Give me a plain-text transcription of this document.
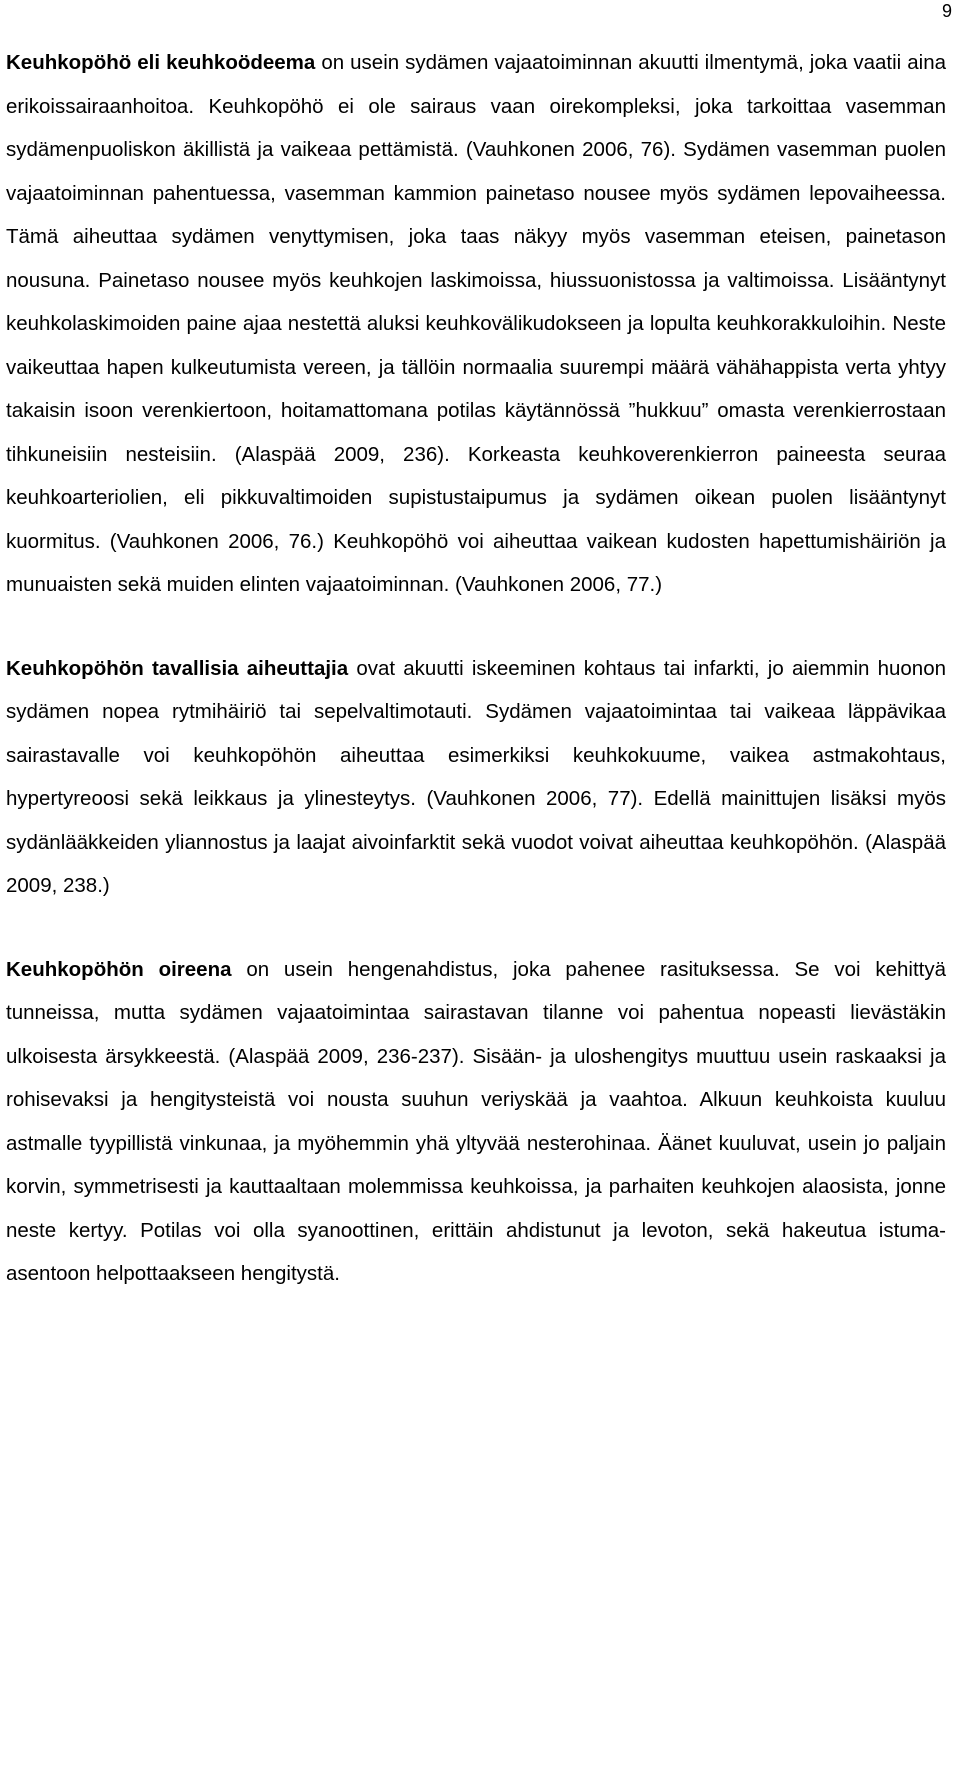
9

Keuhkopöhö eli keuhkoödeema on usein sydämen vajaatoiminnan akuutti ilmentymä, joka vaatii aina erikoissairaanhoitoa. Keuhkopöhö ei ole sairaus vaan oirekompleksi, joka tarkoittaa vasemman sydämenpuoliskon äkillistä ja vaikeaa pettämistä. (Vauhkonen 2006, 76). Sydämen vasemman puolen vajaatoiminnan pahentuessa, vasemman kammion painetaso nousee myös sydämen lepovaiheessa. Tämä aiheuttaa sydämen venyttymisen, joka taas näkyy myös vasemman eteisen, painetason nousuna. Painetaso nousee myös keuhkojen laskimoissa, hiussuonistossa ja valtimoissa. Lisääntynyt keuhkolaskimoiden paine ajaa nestettä aluksi keuhkovälikudokseen ja lopulta keuhkorakkuloihin. Neste vaikeuttaa hapen kulkeutumista vereen, ja tällöin normaalia suurempi määrä vähähappista verta yhtyy takaisin isoon verenkiertoon, hoitamattomana potilas käytännössä ”hukkuu” omasta verenkierrostaan tihkuneisiin nesteisiin. (Alaspää 2009, 236). Korkeasta keuhkoverenkierron paineesta seuraa keuhkoarteriolien, eli pikkuvaltimoiden supistustaipumus ja sydämen oikean puolen lisääntynyt kuormitus. (Vauhkonen 2006, 76.) Keuhkopöhö voi aiheuttaa vaikean kudosten hapettumishäiriön ja munuaisten sekä muiden elinten vajaatoiminnan. (Vauhkonen 2006, 77.)

Keuhkopöhön tavallisia aiheuttajia ovat akuutti iskeeminen kohtaus tai infarkti, jo aiemmin huonon sydämen nopea rytmihäiriö tai sepelvaltimotauti. Sydämen vajaatoimintaa tai vaikeaa läppävikaa sairastavalle voi keuhkopöhön aiheuttaa esimerkiksi keuhkokuume, vaikea astmakohtaus, hypertyreoosi sekä leikkaus ja ylinesteytys. (Vauhkonen 2006, 77). Edellä mainittujen lisäksi myös sydänlääkkeiden yliannostus ja laajat aivoinfarktit sekä vuodot voivat aiheuttaa keuhkopöhön. (Alaspää 2009, 238.)

Keuhkopöhön oireena on usein hengenahdistus, joka pahenee rasituksessa. Se voi kehittyä tunneissa, mutta sydämen vajaatoimintaa sairastavan tilanne voi pahentua nopeasti lievästäkin ulkoisesta ärsykkeestä. (Alaspää 2009, 236-237). Sisään- ja uloshengitys muuttuu usein raskaaksi ja rohisevaksi ja hengitysteistä voi nousta suuhun veriyskää ja vaahtoa. Alkuun keuhkoista kuuluu astmalle tyypillistä vinkunaa, ja myöhemmin yhä yltyvää nesterohinaa. Äänet kuuluvat, usein jo paljain korvin, symmetrisesti ja kauttaaltaan molemmissa keuhkoissa, ja parhaiten keuhkojen alaosista, jonne neste kertyy. Potilas voi olla syanoottinen, erittäin ahdistunut ja levoton, sekä hakeutua istuma-asentoon helpottaakseen hengitystä.
